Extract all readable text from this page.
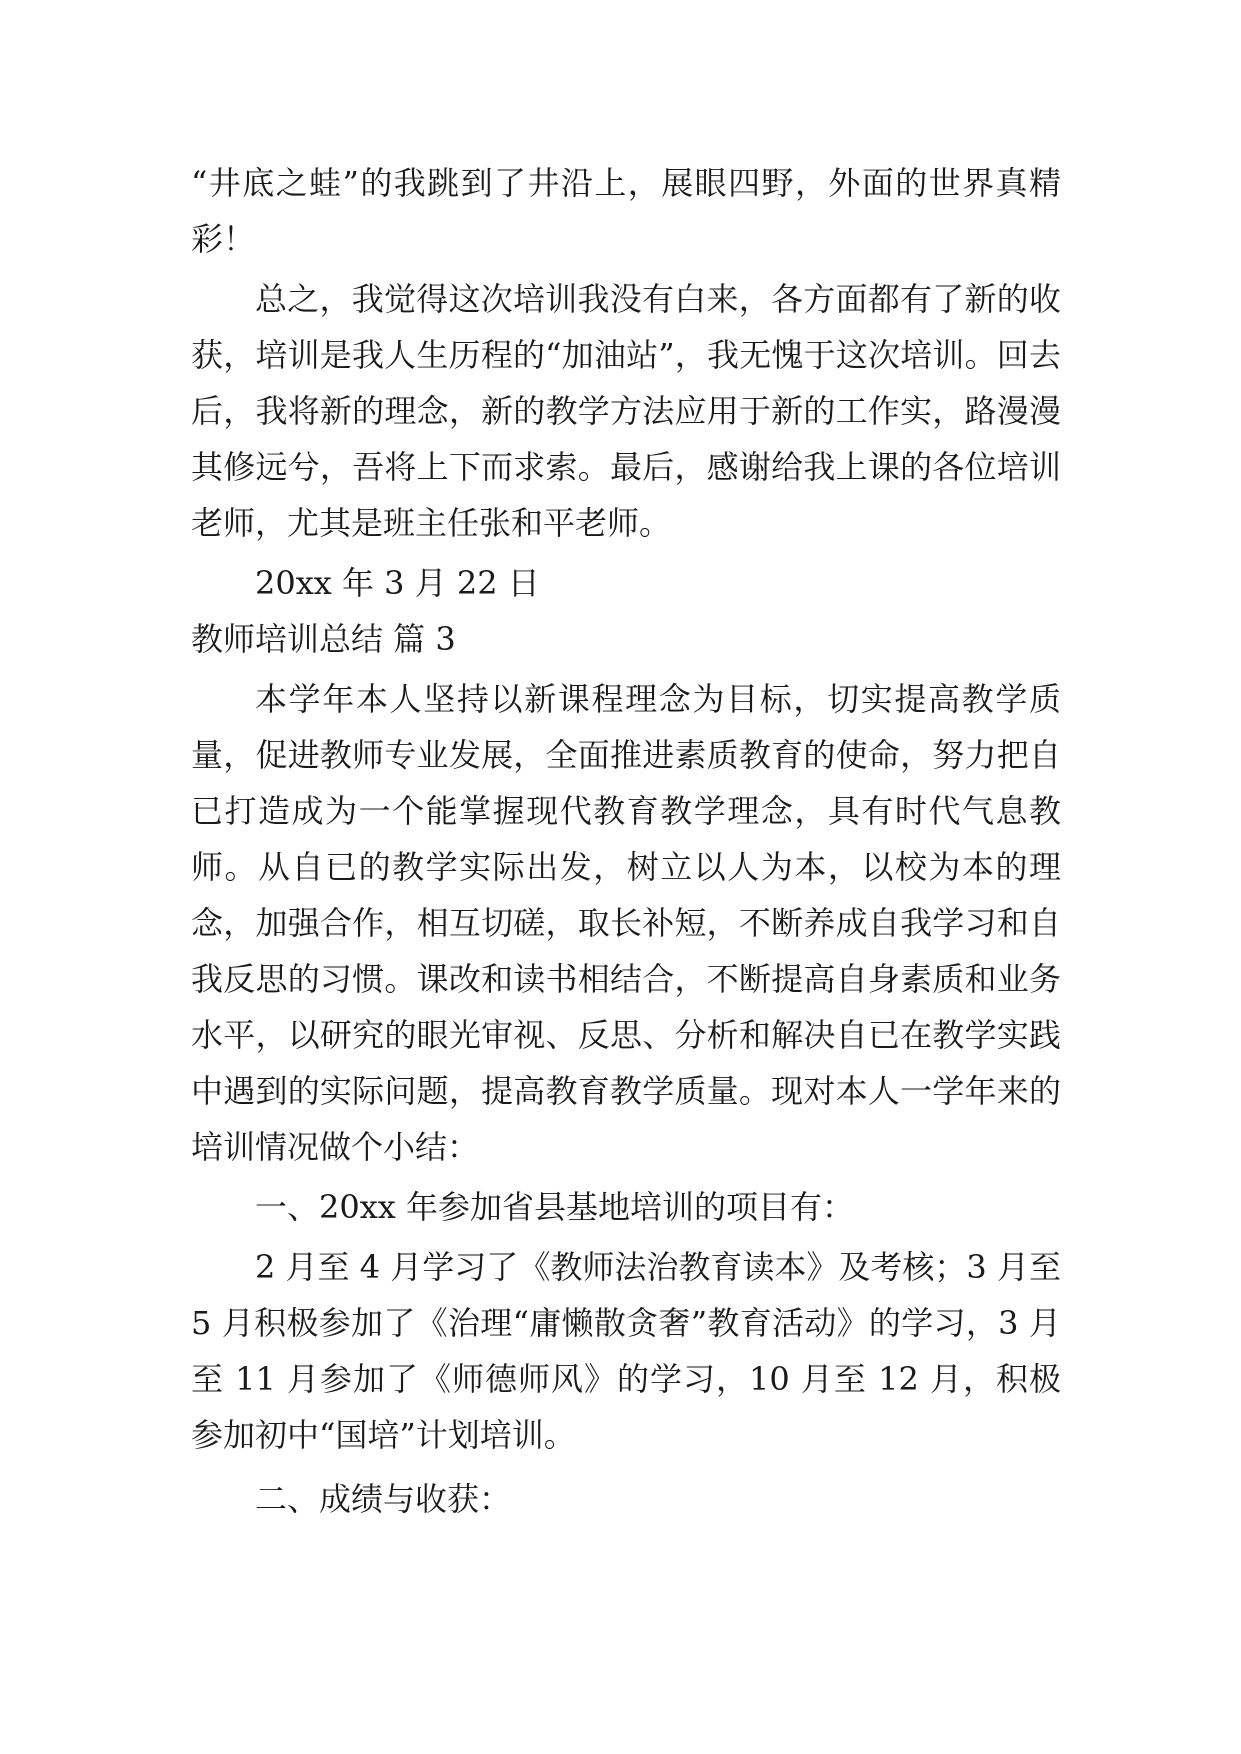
“井底之蛙”的我跳到了井沿上，展眼四野，外面的世界真精彩！

总之，我觉得这次培训我没有白来，各方面都有了新的收获，培训是我人生历程的“加油站”，我无愧于这次培训。回去后，我将新的理念，新的教学方法应用于新的工作实，路漫漫其修远兮，吾将上下而求索。最后，感谢给我上课的各位培训老师，尤其是班主任张和平老师。

20xx 年 3 月 22 日

教师培训总结 篇 3

本学年本人坚持以新课程理念为目标，切实提高教学质量，促进教师专业发展，全面推进素质教育的使命，努力把自已打造成为一个能掌握现代教育教学理念，具有时代气息教师。从自已的教学实际出发，树立以人为本，以校为本的理念，加强合作，相互切磋，取长补短，不断养成自我学习和自我反思的习惯。课改和读书相结合，不断提高自身素质和业务水平，以研究的眼光审视、反思、分析和解决自已在教学实践中遇到的实际问题，提高教育教学质量。现对本人一学年来的培训情况做个小结：

一、20xx 年参加省县基地培训的项目有：

2 月至 4 月学习了《教师法治教育读本》及考核；3 月至 5 月积极参加了《治理“庸懒散贪奢”教育活动》的学习，3 月至 11 月参加了《师德师风》的学习，10 月至 12 月，积极参加初中“国培”计划培训。

二、成绩与收获：
